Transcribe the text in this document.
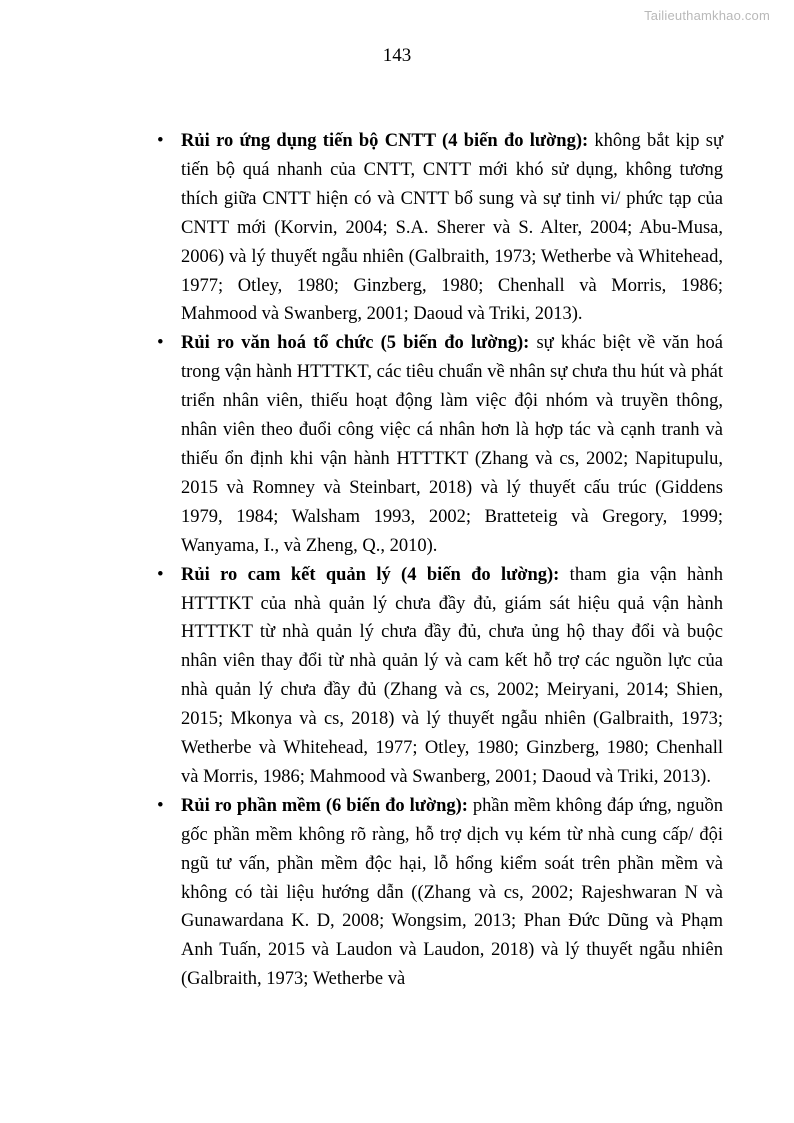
Tailieuthamkhao.com
143
• Rủi ro ứng dụng tiến bộ CNTT (4 biến đo lường): không bắt kịp sự tiến bộ quá nhanh của CNTT, CNTT mới khó sử dụng, không tương thích giữa CNTT hiện có và CNTT bổ sung và sự tinh vi/ phức tạp của CNTT mới (Korvin, 2004; S.A. Sherer và S. Alter, 2004; Abu-Musa, 2006) và lý thuyết ngẫu nhiên (Galbraith, 1973; Wetherbe và Whitehead, 1977; Otley, 1980; Ginzberg, 1980; Chenhall và Morris, 1986; Mahmood và Swanberg, 2001; Daoud và Triki, 2013).

• Rủi ro văn hoá tổ chức (5 biến đo lường): sự khác biệt về văn hoá trong vận hành HTTTKT, các tiêu chuẩn về nhân sự chưa thu hút và phát triển nhân viên, thiếu hoạt động làm việc đội nhóm và truyền thông, nhân viên theo đuổi công việc cá nhân hơn là hợp tác và cạnh tranh và thiếu ổn định khi vận hành HTTTKT (Zhang và cs, 2002; Napitupulu, 2015 và Romney và Steinbart, 2018) và lý thuyết cấu trúc (Giddens 1979, 1984; Walsham 1993, 2002; Bratteteig và Gregory, 1999; Wanyama, I., và Zheng, Q., 2010).

• Rủi ro cam kết quản lý (4 biến đo lường): tham gia vận hành HTTTKT của nhà quản lý chưa đầy đủ, giám sát hiệu quả vận hành HTTTKT từ nhà quản lý chưa đầy đủ, chưa ủng hộ thay đổi và buộc nhân viên thay đổi từ nhà quản lý và cam kết hỗ trợ các nguồn lực của nhà quản lý chưa đầy đủ (Zhang và cs, 2002; Meiryani, 2014; Shien, 2015; Mkonya và cs, 2018) và lý thuyết ngẫu nhiên (Galbraith, 1973; Wetherbe và Whitehead, 1977; Otley, 1980; Ginzberg, 1980; Chenhall và Morris, 1986; Mahmood và Swanberg, 2001; Daoud và Triki, 2013).

• Rủi ro phần mềm (6 biến đo lường): phần mềm không đáp ứng, nguồn gốc phần mềm không rõ ràng, hỗ trợ dịch vụ kém từ nhà cung cấp/ đội ngũ tư vấn, phần mềm độc hại, lỗ hổng kiểm soát trên phần mềm và không có tài liệu hướng dẫn ((Zhang và cs, 2002; Rajeshwaran N và Gunawardana K. D, 2008; Wongsim, 2013; Phan Đức Dũng và Phạm Anh Tuấn, 2015 và Laudon và Laudon, 2018) và lý thuyết ngẫu nhiên (Galbraith, 1973; Wetherbe và
